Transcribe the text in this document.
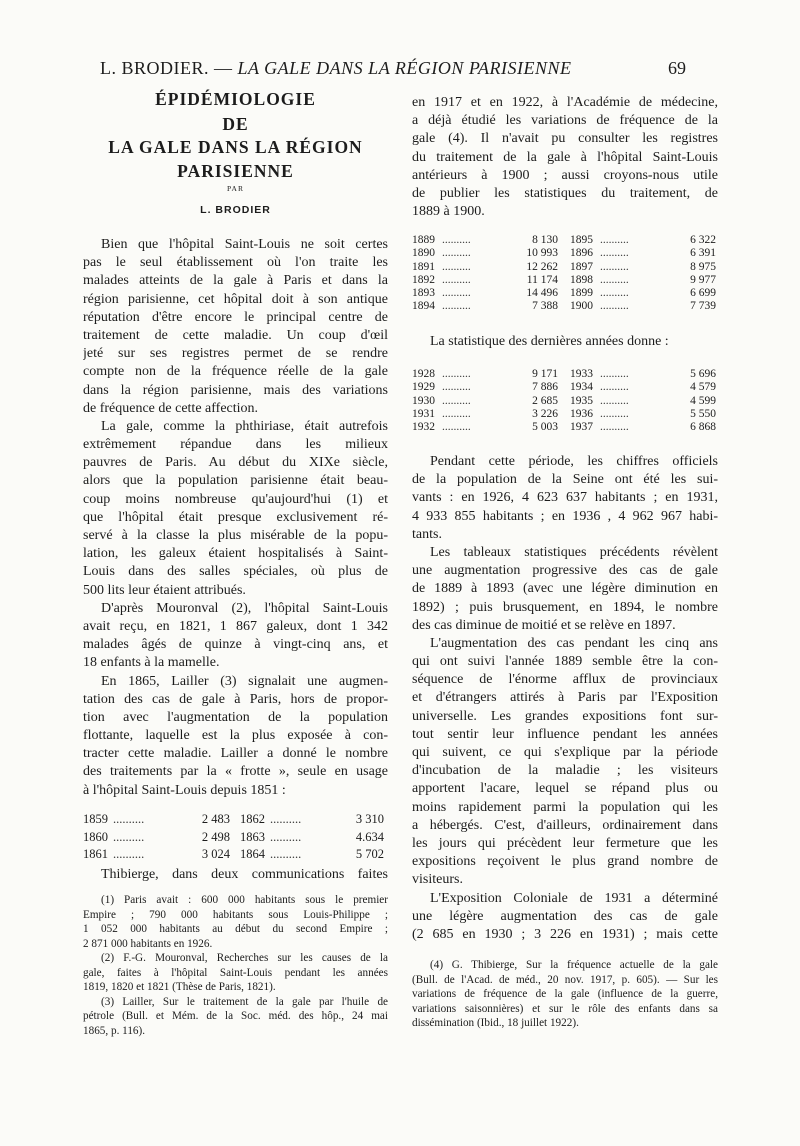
L. BRODIER. — LA GALE DANS LA RÉGION PARISIENNE	69
ÉPIDÉMIOLOGIE
DE
LA GALE DANS LA RÉGION
PARISIENNE
PAR
L. BRODIER
Bien que l'hôpital Saint-Louis ne soit certes
pas le seul établissement où l'on traite les
malades atteints de la gale à Paris et dans la
région parisienne, cet hôpital doit à son antique
réputation d'être encore le principal centre de
traitement de cette maladie. Un coup d'œil
jeté sur ses registres permet de se rendre
compte non de la fréquence réelle de la gale
dans la région parisienne, mais des variations
de fréquence de cette affection.
La gale, comme la phthiriase, était autrefois
extrêmement répandue dans les milieux
pauvres de Paris. Au début du XIXe siècle,
alors que la population parisienne était beau-
coup moins nombreuse qu'aujourd'hui (1) et
que l'hôpital était presque exclusivement ré-
servé à la classe la plus misérable de la popu-
lation, les galeux étaient hospitalisés à Saint-
Louis dans des salles spéciales, où plus de
500 lits leur étaient attribués.
D'après Mouronval (2), l'hôpital Saint-Louis
avait reçu, en 1821, 1 867 galeux, dont 1 342
malades âgés de quinze à vingt-cinq ans, et
18 enfants à la mamelle.
En 1865, Lailler (3) signalait une augmen-
tation des cas de gale à Paris, hors de propor-
tion avec l'augmentation de la population
flottante, laquelle est la plus exposée à con-
tracter cette maladie. Lailler a donné le nombre
des traitements par la « frotte », seule en usage
à l'hôpital Saint-Louis depuis 1851 :
1859 ..........	2 483 1862 ..........	3 310
1860 ..........	2 498 1863 ..........	4.634
1861 ..........	3 024 1864 ..........	5 702
Thibierge, dans deux communications faites
(1) Paris avait : 600 000 habitants sous le premier
Empire ; 790 000 habitants sous Louis-Philippe ;
1 052 000 habitants au début du second Empire ;
2 871 000 habitants en 1926.
(2) F.-G. Mouronval, Recherches sur les causes de la
gale, faites à l'hôpital Saint-Louis pendant les années
1819, 1820 et 1821 (Thèse de Paris, 1821).
(3) Lailler, Sur le traitement de la gale par l'huile de
pétrole (Bull. et Mém. de la Soc. méd. des hôp., 24 mai
1865, p. 116).
en 1917 et en 1922, à l'Académie de médecine,
a déjà étudié les variations de fréquence de la
gale (4). Il n'avait pu consulter les registres
du traitement de la gale à l'hôpital Saint-Louis
antérieurs à 1900 ; aussi croyons-nous utile
de publier les statistiques du traitement, de
1889 à 1900.
1889 ..........	8 130 1895 ..........	6 322
1890 ..........	10 993 1896 ..........	6 391
1891 ..........	12 262 1897 ..........	8 975
1892 ..........	11 174 1898 ..........	9 977
1893 ..........	14 496 1899 ..........	6 699
1894 ..........	7 388 1900 ..........	7 739
La statistique des dernières années donne :
1928 ..........	9 171 1933 ..........	5 696
1929 ..........	7 886 1934 ..........	4 579
1930 ..........	2 685 1935 ..........	4 599
1931 ..........	3 226 1936 ..........	5 550
1932 ..........	5 003 1937 ..........	6 868
Pendant cette période, les chiffres officiels
de la population de la Seine ont été les sui-
vants : en 1926, 4 623 637 habitants ; en 1931,
4 933 855 habitants ; en 1936 , 4 962 967 habi-
tants.
Les tableaux statistiques précédents révèlent
une augmentation progressive des cas de gale
de 1889 à 1893 (avec une légère diminution en
1892) ; puis brusquement, en 1894, le nombre
des cas diminue de moitié et se relève en 1897.
L'augmentation des cas pendant les cinq ans
qui ont suivi l'année 1889 semble être la con-
séquence de l'énorme afflux de provinciaux
et d'étrangers attirés à Paris par l'Exposition
universelle. Les grandes expositions font sur-
tout sentir leur influence pendant les années
qui suivent, ce qui s'explique par la période
d'incubation de la maladie ; les visiteurs
apportent l'acare, lequel se répand plus ou
moins rapidement parmi la population qui les
a hébergés. C'est, d'ailleurs, ordinairement dans
les jours qui précèdent leur fermeture que les
expositions reçoivent le plus grand nombre de
visiteurs.
L'Exposition Coloniale de 1931 a déterminé
une légère augmentation des cas de gale
(2 685 en 1930 ; 3 226 en 1931) ; mais cette
(4) G. Thibierge, Sur la fréquence actuelle de la gale
(Bull. de l'Acad. de méd., 20 nov. 1917, p. 605). — Sur les
variations de fréquence de la gale (influence de la guerre,
variations saisonnières) et sur le rôle des enfants dans sa
dissémination (Ibid., 18 juillet 1922).
